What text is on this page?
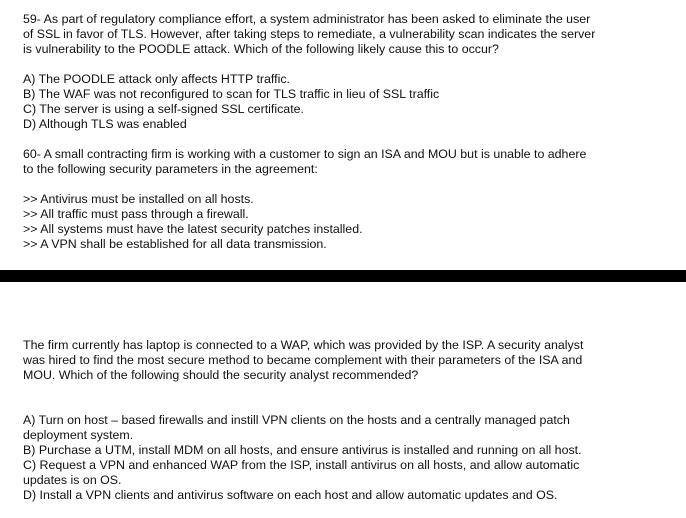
59- As part of regulatory compliance effort, a system administrator has been asked to eliminate the user
of SSL in favor of TLS. However, after taking steps to remediate, a vulnerability scan indicates the server
is vulnerability to the POODLE attack. Which of the following likely cause this to occur?
A) The POODLE attack only affects HTTP traffic.
B) The WAF was not reconfigured to scan for TLS traffic in lieu of SSL traffic
C) The server is using a self-signed SSL certificate.
D) Although TLS was enabled
60- A small contracting firm is working with a customer to sign an ISA and MOU but is unable to adhere
to the following security parameters in the agreement:
>> Antivirus must be installed on all hosts.
>> All traffic must pass through a firewall.
>> All systems must have the latest security patches installed.
>> A VPN shall be established for all data transmission.
The firm currently has laptop is connected to a WAP, which was provided by the ISP. A security analyst
was hired to find the most secure method to became complement with their parameters of the ISA and
MOU. Which of the following should the security analyst recommended?
A) Turn on host – based firewalls and instill VPN clients on the hosts and a centrally managed patch
deployment system.
B) Purchase a UTM, install MDM on all hosts, and ensure antivirus is installed and running on all host.
C) Request a VPN and enhanced WAP from the ISP, install antivirus on all hosts, and allow automatic
updates is on OS.
D) Install a VPN clients and antivirus software on each host and allow automatic updates and OS.
